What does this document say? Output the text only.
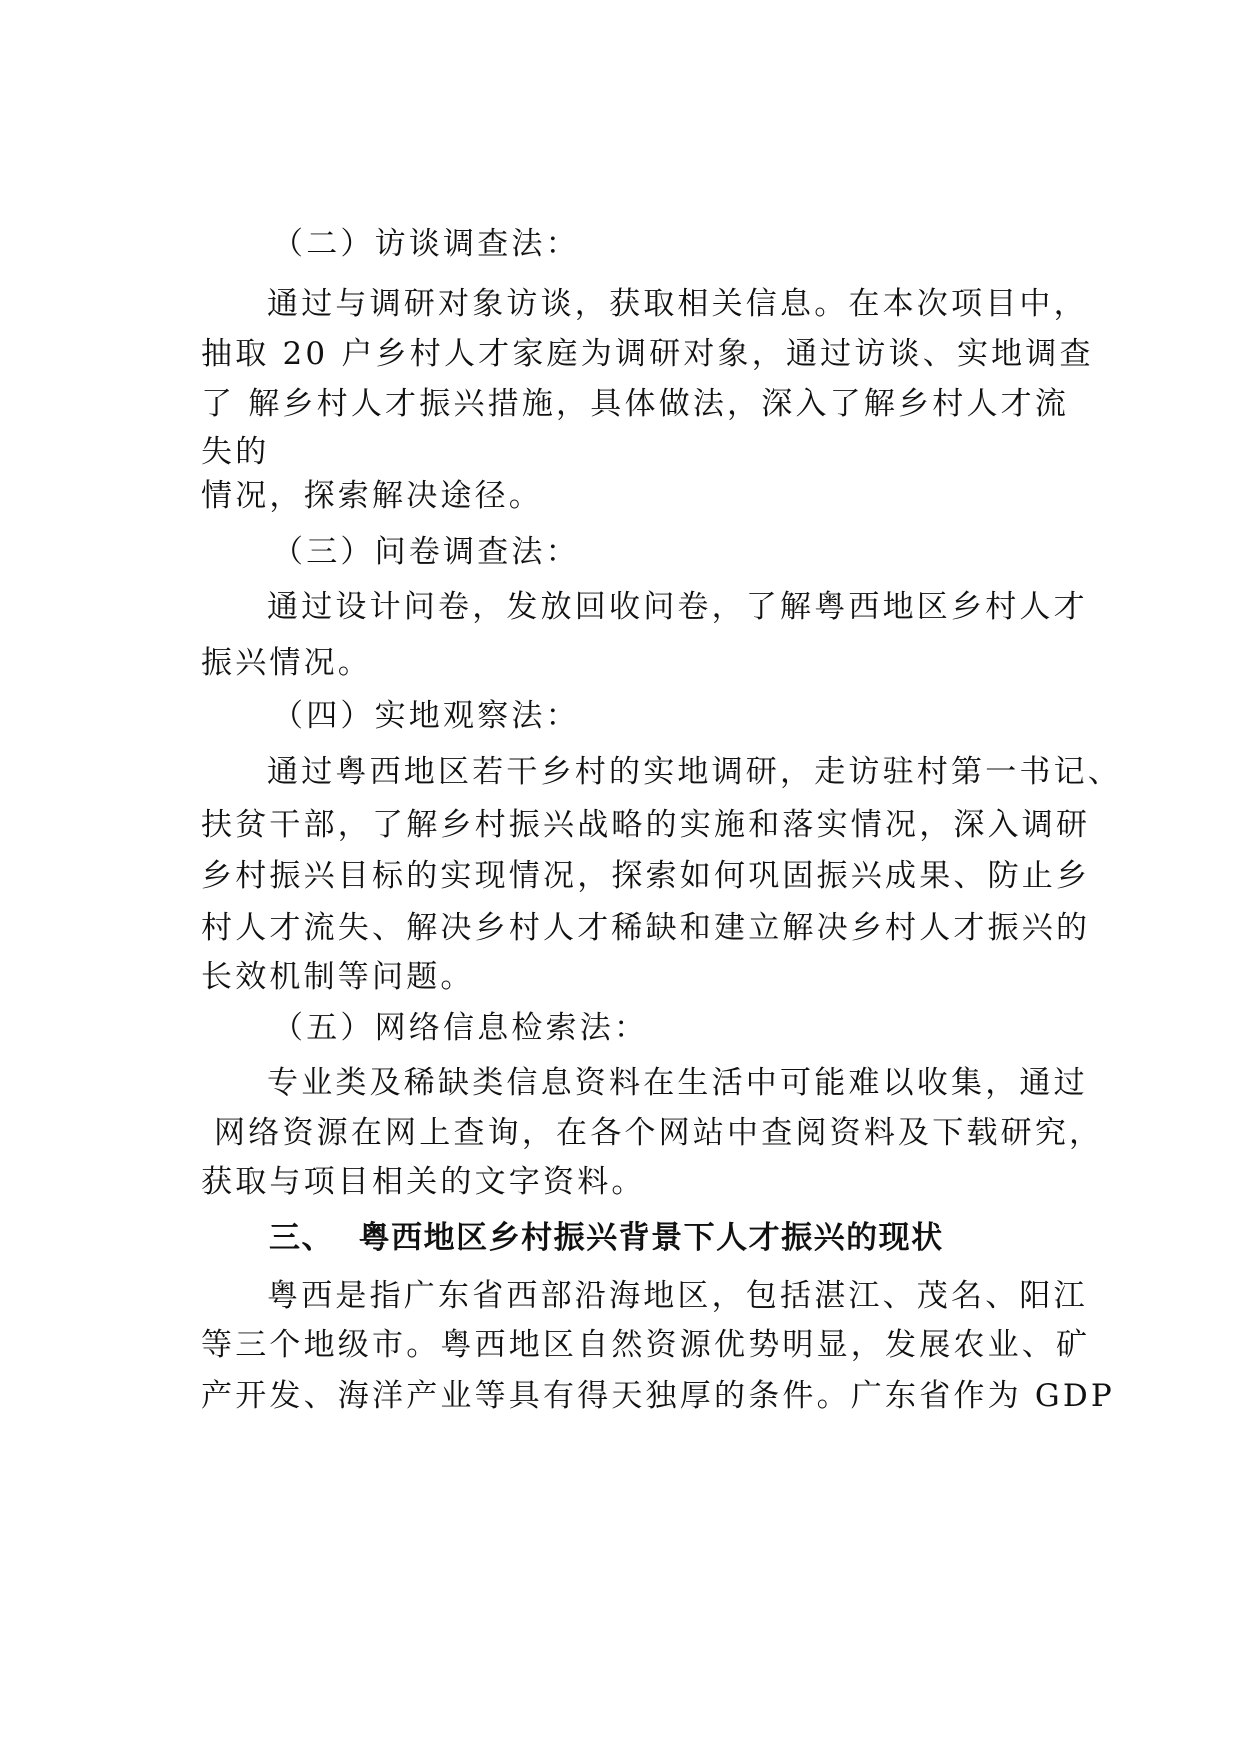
（二）访谈调查法：
通过与调研对象访谈，获取相关信息。在本次项目中，
抽取 20 户乡村人才家庭为调研对象，通过访谈、实地调查
了 解乡村人才振兴措施，具体做法，深入了解乡村人才流
失的
情况，探索解决途径。
（三）问卷调查法：
通过设计问卷，发放回收问卷，了解粤西地区乡村人才
振兴情况。
（四）实地观察法：
通过粤西地区若干乡村的实地调研，走访驻村第一书记、
扶贫干部，了解乡村振兴战略的实施和落实情况，深入调研
乡村振兴目标的实现情况，探索如何巩固振兴成果、防止乡
村人才流失、解决乡村人才稀缺和建立解决乡村人才振兴的
长效机制等问题。
（五）网络信息检索法：
专业类及稀缺类信息资料在生活中可能难以收集，通过
网络资源在网上查询，在各个网站中查阅资料及下载研究，
获取与项目相关的文字资料。
三、  粤西地区乡村振兴背景下人才振兴的现状
粤西是指广东省西部沿海地区，包括湛江、茂名、阳江
等三个地级市。粤西地区自然资源优势明显，发展农业、矿
产开发、海洋产业等具有得天独厚的条件。广东省作为 GDP
